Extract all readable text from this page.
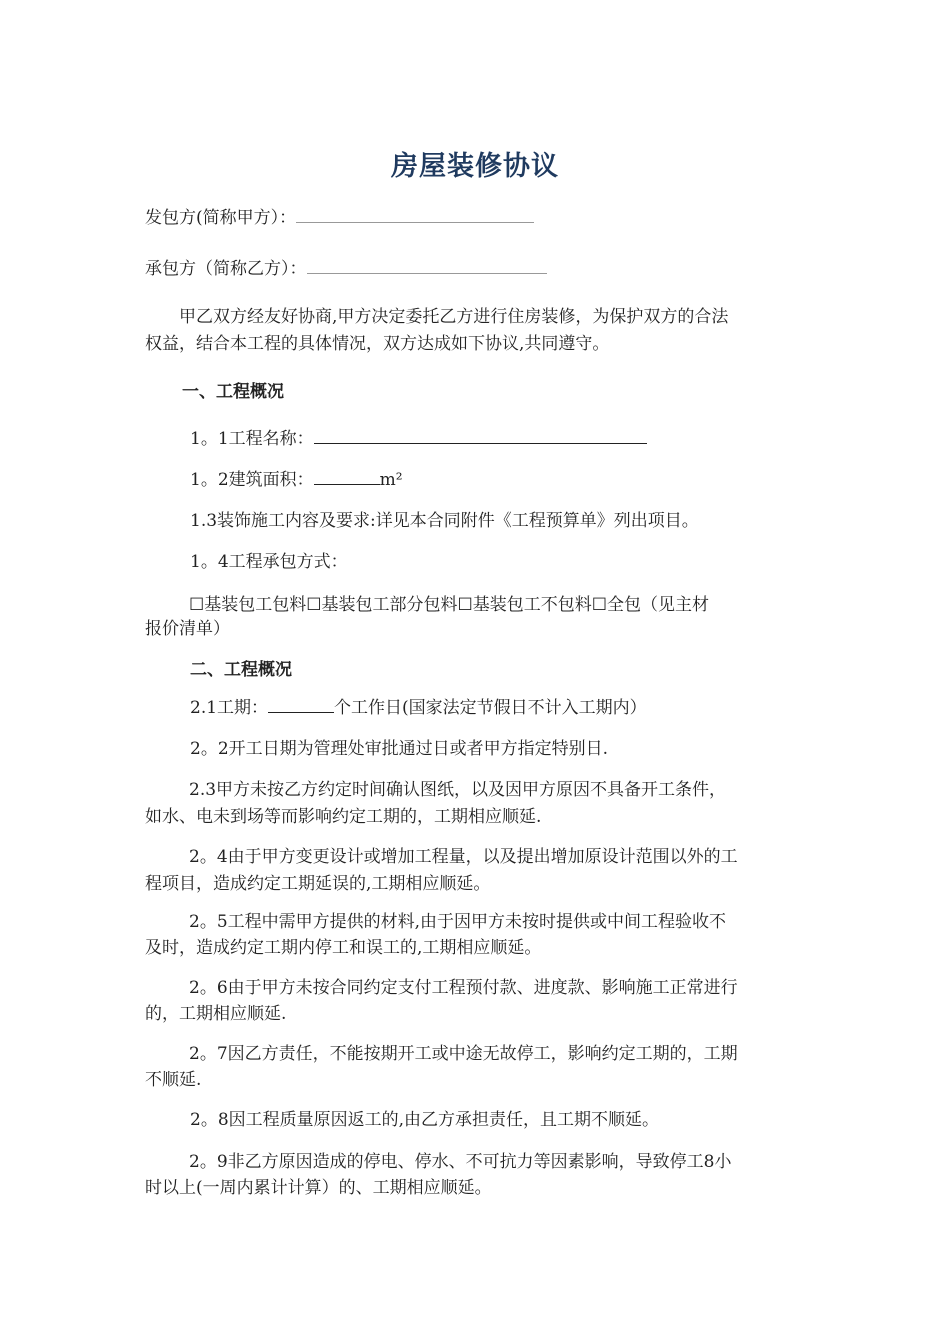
房屋装修协议
发包方(简称甲方）：
承包方（简称乙方）：
甲乙双方经友好协商,甲方决定委托乙方进行住房装修，为保护双方的合法
权益，结合本工程的具体情况，双方达成如下协议,共同遵守。
一、工程概况
1。1工程名称：
1。2建筑面积：	m²
1.3装饰施工内容及要求:详见本合同附件《工程预算单》列出项目。
1。4工程承包方式：
☐基装包工包料☐基装包工部分包料☐基装包工不包料☐全包（见主材
报价清单）
二、工程概况
2.1工期：	个工作日(国家法定节假日不计入工期内）
2。2开工日期为管理处审批通过日或者甲方指定特别日.
2.3甲方未按乙方约定时间确认图纸，以及因甲方原因不具备开工条件，
如水、电未到场等而影响约定工期的，工期相应顺延.
2。4由于甲方变更设计或增加工程量，以及提出增加原设计范围以外的工
程项目，造成约定工期延误的,工期相应顺延。
2。5工程中需甲方提供的材料,由于因甲方未按时提供或中间工程验收不
及时，造成约定工期内停工和误工的,工期相应顺延。
2。6由于甲方未按合同约定支付工程预付款、进度款、影响施工正常进行
的，工期相应顺延.
2。7因乙方责任，不能按期开工或中途无故停工，影响约定工期的，工期
不顺延.
2。8因工程质量原因返工的,由乙方承担责任，且工期不顺延。
2。9非乙方原因造成的停电、停水、不可抗力等因素影响，导致停工8小
时以上(一周内累计计算）的、工期相应顺延。
